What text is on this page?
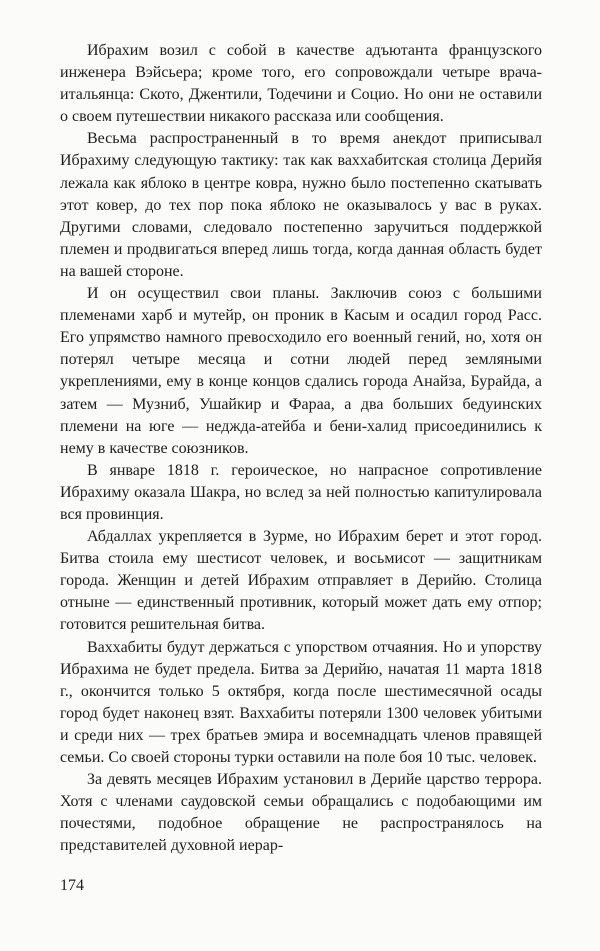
Ибрахим возил с собой в качестве адъютанта французского инженера Вэйсьера; кроме того, его сопровождали четыре врача-итальянца: Ското, Джентили, Тодечини и Социо. Но они не оставили о своем путешествии никакого рассказа или сообщения.

Весьма распространенный в то время анекдот приписывал Ибрахиму следующую тактику: так как ваххабитская столица Дерийя лежала как яблоко в центре ковра, нужно было постепенно скатывать этот ковер, до тех пор пока яблоко не оказывалось у вас в руках. Другими словами, следовало постепенно заручиться поддержкой племен и продвигаться вперед лишь тогда, когда данная область будет на вашей стороне.

И он осуществил свои планы. Заключив союз с большими племенами харб и мутейр, он проник в Касым и осадил город Расс. Его упрямство намного превосходило его военный гений, но, хотя он потерял четыре месяца и сотни людей перед земляными укреплениями, ему в конце концов сдались города Анайза, Бурайда, а затем — Музниб, Ушайкир и Фараа, а два больших бедуинских племени на юге — неджда-атейба и бени-халид присоединились к нему в качестве союзников.

В январе 1818 г. героическое, но напрасное сопротивление Ибрахиму оказала Шакра, но вслед за ней полностью капитулировала вся провинция.

Абдаллах укрепляется в Зурме, но Ибрахим берет и этот город. Битва стоила ему шестисот человек, и восьмисот — защитникам города. Женщин и детей Ибрахим отправляет в Дерийю. Столица отныне — единственный противник, который может дать ему отпор; готовится решительная битва.

Ваххабиты будут держаться с упорством отчаяния. Но и упорству Ибрахима не будет предела. Битва за Дерийю, начатая 11 марта 1818 г., окончится только 5 октября, когда после шестимесячной осады город будет наконец взят. Ваххабиты потеряли 1300 человек убитыми и среди них — трех братьев эмира и восемнадцать членов правящей семьи. Со своей стороны турки оставили на поле боя 10 тыс. человек.

За девять месяцев Ибрахим установил в Дерийе царство террора. Хотя с членами саудовской семьи обращались с подобающими им почестями, подобное обращение не распространялось на представителей духовной иерар-

174
